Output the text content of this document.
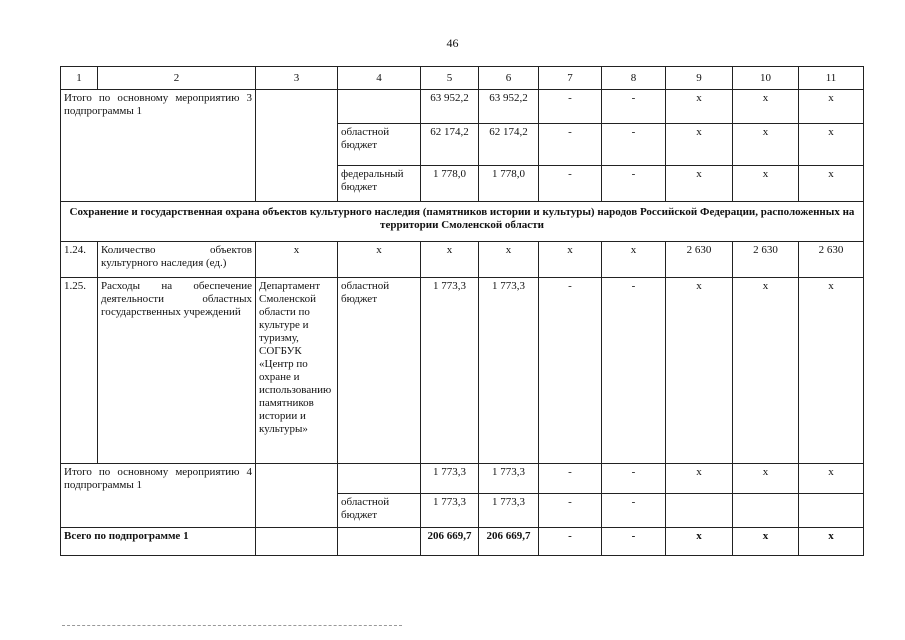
46
1	2	3	4	5	6	7	8	9	10	11
Итого по основному мероприятию 3 подпрограммы 1				63 952,2	63 952,2	-	-	x	x	x
			областной бюджет	62 174,2	62 174,2	-	-	x	x	x
			федеральный бюджет	1 778,0	1 778,0	-	-	x	x	x
Сохранение и государственная охрана объектов культурного наследия (памятников истории и культуры) народов Российской Федерации, расположенных на территории Смоленской области										
1.24.	Количество объектов культурного наследия (ед.)	x	x	x	x	x	x	2 630	2 630	2 630
1.25.	Расходы на обеспечение деятельности областных государственных учреждений	Департамент Смоленской области по культуре и туризму, СОГБУК «Центр по охране и использованию памятников истории и культуры»	областной бюджет	1 773,3	1 773,3	-	-	x	x	x
Итого по основному мероприятию 4 подпрограммы 1				1 773,3	1 773,3	-	-	x	x	x
			областной бюджет	1 773,3	1 773,3	-	-			
Всего по подпрограмме 1				206 669,7	206 669,7	-	-	x	x	x
